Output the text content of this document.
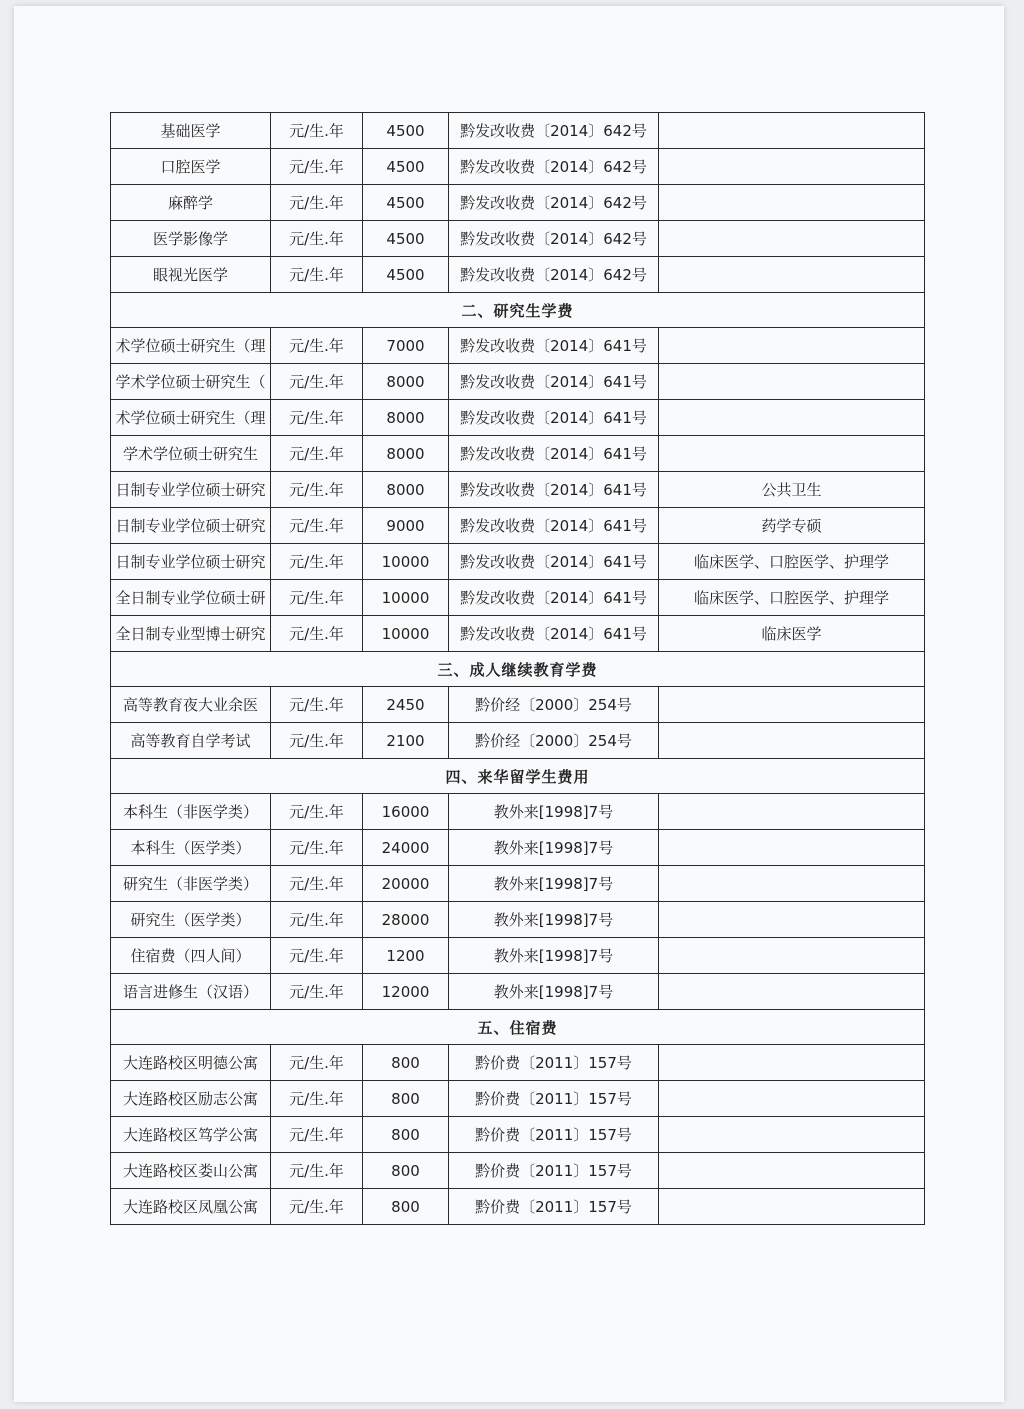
基础医学	元/生.年	4500	黔发改收费〔2014〕642号	
口腔医学	元/生.年	4500	黔发改收费〔2014〕642号	
麻醉学	元/生.年	4500	黔发改收费〔2014〕642号	
医学影像学	元/生.年	4500	黔发改收费〔2014〕642号	
眼视光医学	元/生.年	4500	黔发改收费〔2014〕642号	
二、研究生学费				
术学位硕士研究生（理	元/生.年	7000	黔发改收费〔2014〕641号	
学术学位硕士研究生（	元/生.年	8000	黔发改收费〔2014〕641号	
术学位硕士研究生（理	元/生.年	8000	黔发改收费〔2014〕641号	
学术学位硕士研究生	元/生.年	8000	黔发改收费〔2014〕641号	
日制专业学位硕士研究	元/生.年	8000	黔发改收费〔2014〕641号	公共卫生
日制专业学位硕士研究	元/生.年	9000	黔发改收费〔2014〕641号	药学专硕
日制专业学位硕士研究	元/生.年	10000	黔发改收费〔2014〕641号	临床医学、口腔医学、护理学
全日制专业学位硕士研	元/生.年	10000	黔发改收费〔2014〕641号	临床医学、口腔医学、护理学
全日制专业型博士研究	元/生.年	10000	黔发改收费〔2014〕641号	临床医学
三、成人继续教育学费				
高等教育夜大业余医	元/生.年	2450	黔价经〔2000〕254号	
高等教育自学考试	元/生.年	2100	黔价经〔2000〕254号	
四、来华留学生费用				
本科生（非医学类）	元/生.年	16000	教外来[1998]7号	
本科生（医学类）	元/生.年	24000	教外来[1998]7号	
研究生（非医学类）	元/生.年	20000	教外来[1998]7号	
研究生（医学类）	元/生.年	28000	教外来[1998]7号	
住宿费（四人间）	元/生.年	1200	教外来[1998]7号	
语言进修生（汉语）	元/生.年	12000	教外来[1998]7号	
五、住宿费				
大连路校区明德公寓	元/生.年	800	黔价费〔2011〕157号	
大连路校区励志公寓	元/生.年	800	黔价费〔2011〕157号	
大连路校区笃学公寓	元/生.年	800	黔价费〔2011〕157号	
大连路校区娄山公寓	元/生.年	800	黔价费〔2011〕157号	
大连路校区凤凰公寓	元/生.年	800	黔价费〔2011〕157号	
